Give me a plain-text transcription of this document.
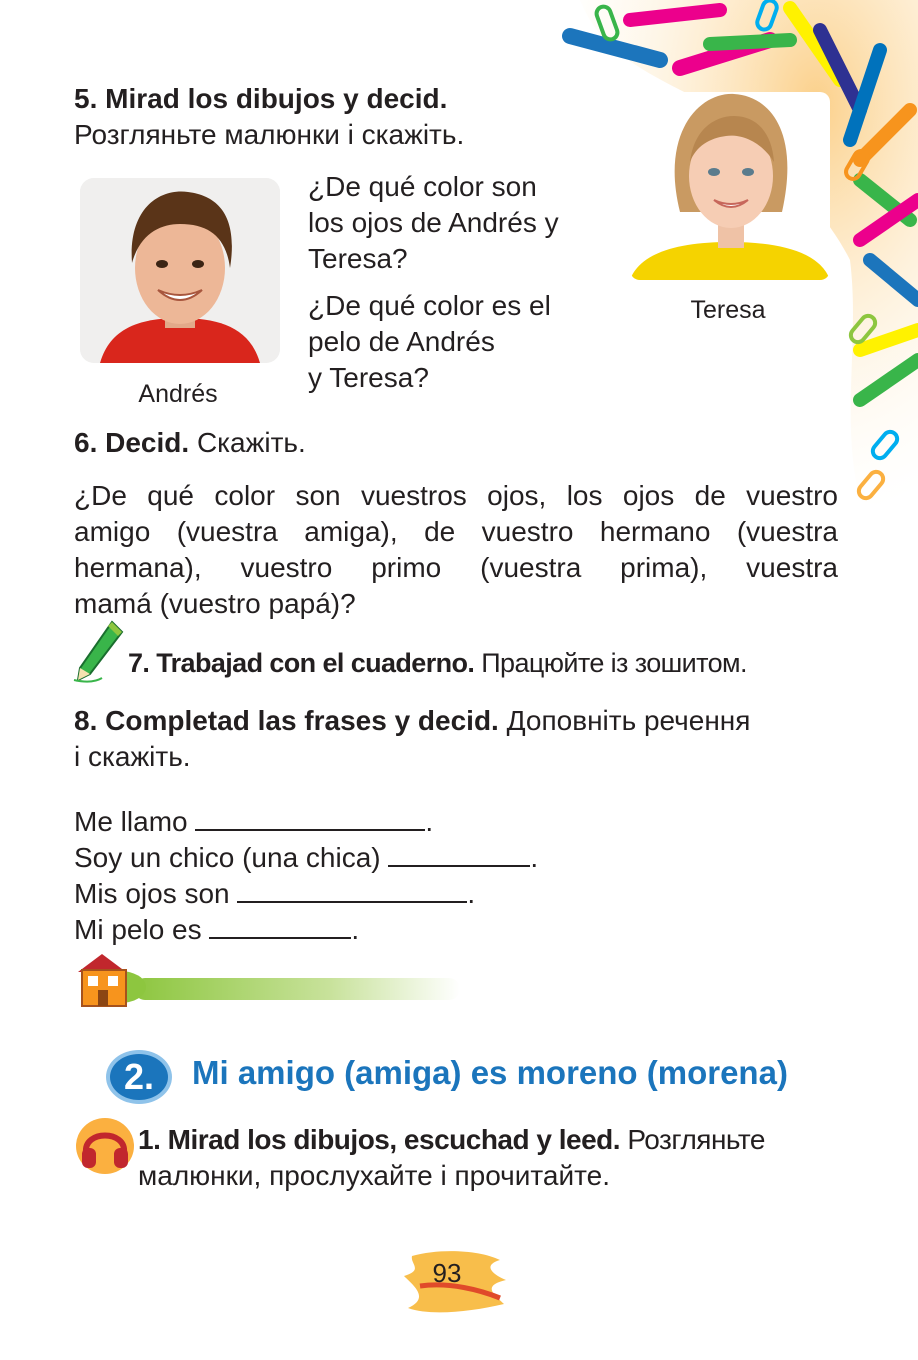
5. Mirad los dibujos y decid.
Розгляньте малюнки і скажіть.
Andrés
¿De qué color son
los ojos de Andrés y
Teresa?
¿De qué color es el
pelo de Andrés
y Teresa?
Teresa
6. Decid. Скажіть.
¿De qué color son vuestros ojos, los ojos de vuestro
amigo (vuestra amiga), de vuestro hermano (vuestra
hermana), vuestro primo (vuestra prima), vuestra
mamá (vuestro papá)?
7. Trabajad con el cuaderno. Працюйте із зошитом.
8. Completad las frases y decid. Доповніть речення
і скажіть.
Me llamo	.
Soy un chico (una chica)	.
Mis ojos son	.
Mi pelo es	.
2.	Mi amigo (amiga) es moreno (morena)
1. Mirad los dibujos, escuchad y leed. Розгляньте
малюнки, прослухайте і прочитайте.
93
